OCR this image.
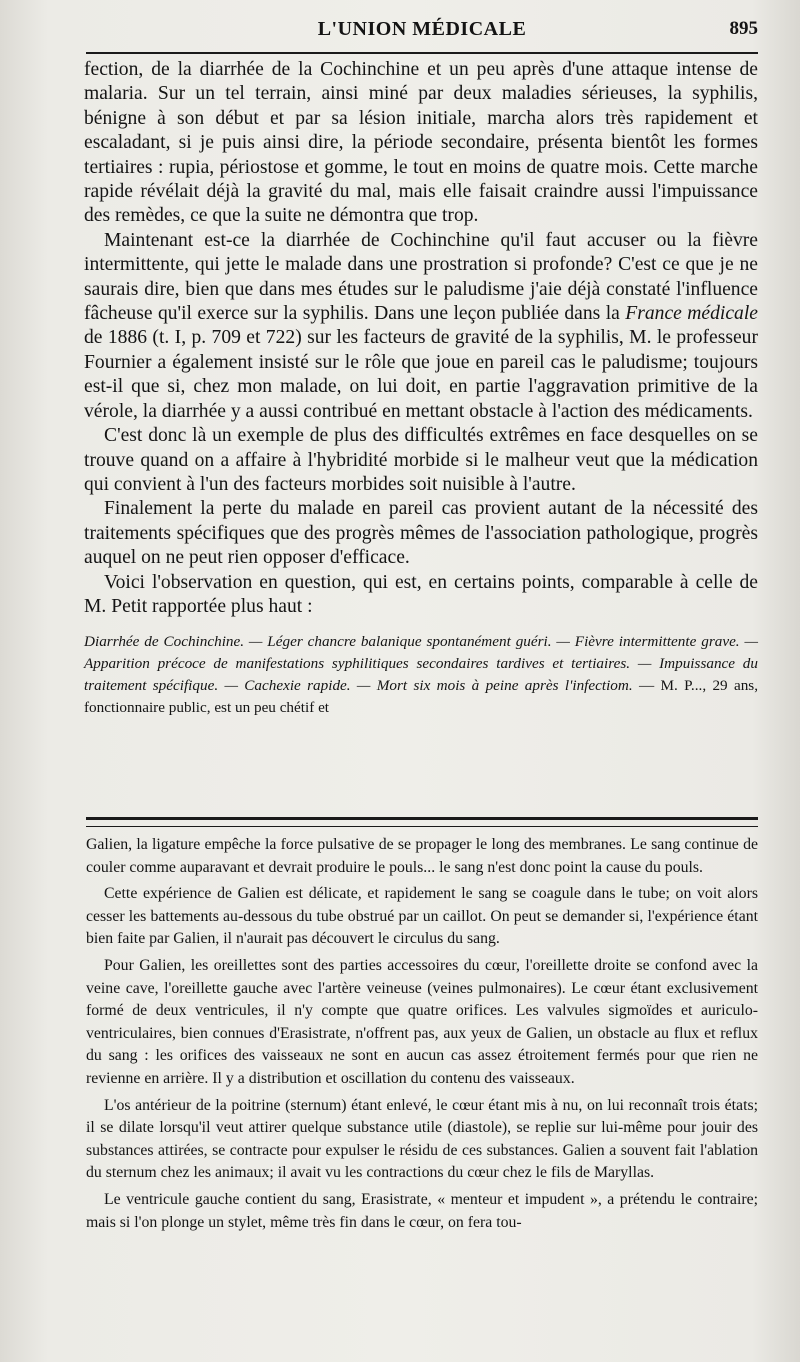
L'UNION MÉDICALE	895

fection, de la diarrhée de la Cochinchine et un peu après d'une attaque intense de malaria. Sur un tel terrain, ainsi miné par deux maladies sérieuses, la syphilis, bénigne à son début et par sa lésion initiale, marcha alors très rapidement et escaladant, si je puis ainsi dire, la période secondaire, présenta bientôt les formes tertiaires : rupia, périostose et gomme, le tout en moins de quatre mois. Cette marche rapide révélait déjà la gravité du mal, mais elle faisait craindre aussi l'impuissance des remèdes, ce que la suite ne démontra que trop.

Maintenant est-ce la diarrhée de Cochinchine qu'il faut accuser ou la fièvre intermittente, qui jette le malade dans une prostration si profonde? C'est ce que je ne saurais dire, bien que dans mes études sur le paludisme j'aie déjà constaté l'influence fâcheuse qu'il exerce sur la syphilis. Dans une leçon publiée dans la France médicale de 1886 (t. I, p. 709 et 722) sur les facteurs de gravité de la syphilis, M. le professeur Fournier a également insisté sur le rôle que joue en pareil cas le paludisme; toujours est-il que si, chez mon malade, on lui doit, en partie l'aggravation primitive de la vérole, la diarrhée y a aussi contribué en mettant obstacle à l'action des médicaments.

C'est donc là un exemple de plus des difficultés extrêmes en face desquelles on se trouve quand on a affaire à l'hybridité morbide si le malheur veut que la médication qui convient à l'un des facteurs morbides soit nuisible à l'autre.

Finalement la perte du malade en pareil cas provient autant de la nécessité des traitements spécifiques que des progrès mêmes de l'association pathologique, progrès auquel on ne peut rien opposer d'efficace.

Voici l'observation en question, qui est, en certains points, comparable à celle de M. Petit rapportée plus haut :

Diarrhée de Cochinchine. — Léger chancre balanique spontanément guéri. — Fièvre intermittente grave. — Apparition précoce de manifestations syphilitiques secondaires tardives et tertiaires. — Impuissance du traitement spécifique. — Cachexie rapide. — Mort six mois à peine après l'infectiom. — M. P..., 29 ans, fonctionnaire public, est un peu chétif et

Galien, la ligature empêche la force pulsative de se propager le long des membranes. Le sang continue de couler comme auparavant et devrait produire le pouls... le sang n'est donc point la cause du pouls.

Cette expérience de Galien est délicate, et rapidement le sang se coagule dans le tube; on voit alors cesser les battements au-dessous du tube obstrué par un caillot. On peut se demander si, l'expérience étant bien faite par Galien, il n'aurait pas découvert le circulus du sang.

Pour Galien, les oreillettes sont des parties accessoires du cœur, l'oreillette droite se confond avec la veine cave, l'oreillette gauche avec l'artère veineuse (veines pulmonaires). Le cœur étant exclusivement formé de deux ventricules, il n'y compte que quatre orifices. Les valvules sigmoïdes et auriculo-ventriculaires, bien connues d'Erasistrate, n'offrent pas, aux yeux de Galien, un obstacle au flux et reflux du sang : les orifices des vaisseaux ne sont en aucun cas assez étroitement fermés pour que rien ne revienne en arrière. Il y a distribution et oscillation du contenu des vaisseaux.

L'os antérieur de la poitrine (sternum) étant enlevé, le cœur étant mis à nu, on lui reconnaît trois états; il se dilate lorsqu'il veut attirer quelque substance utile (diastole), se replie sur lui-même pour jouir des substances attirées, se contracte pour expulser le résidu de ces substances. Galien a souvent fait l'ablation du sternum chez les animaux; il avait vu les contractions du cœur chez le fils de Maryllas.

Le ventricule gauche contient du sang, Erasistrate, « menteur et impudent », a prétendu le contraire; mais si l'on plonge un stylet, même très fin dans le cœur, on fera tou-
